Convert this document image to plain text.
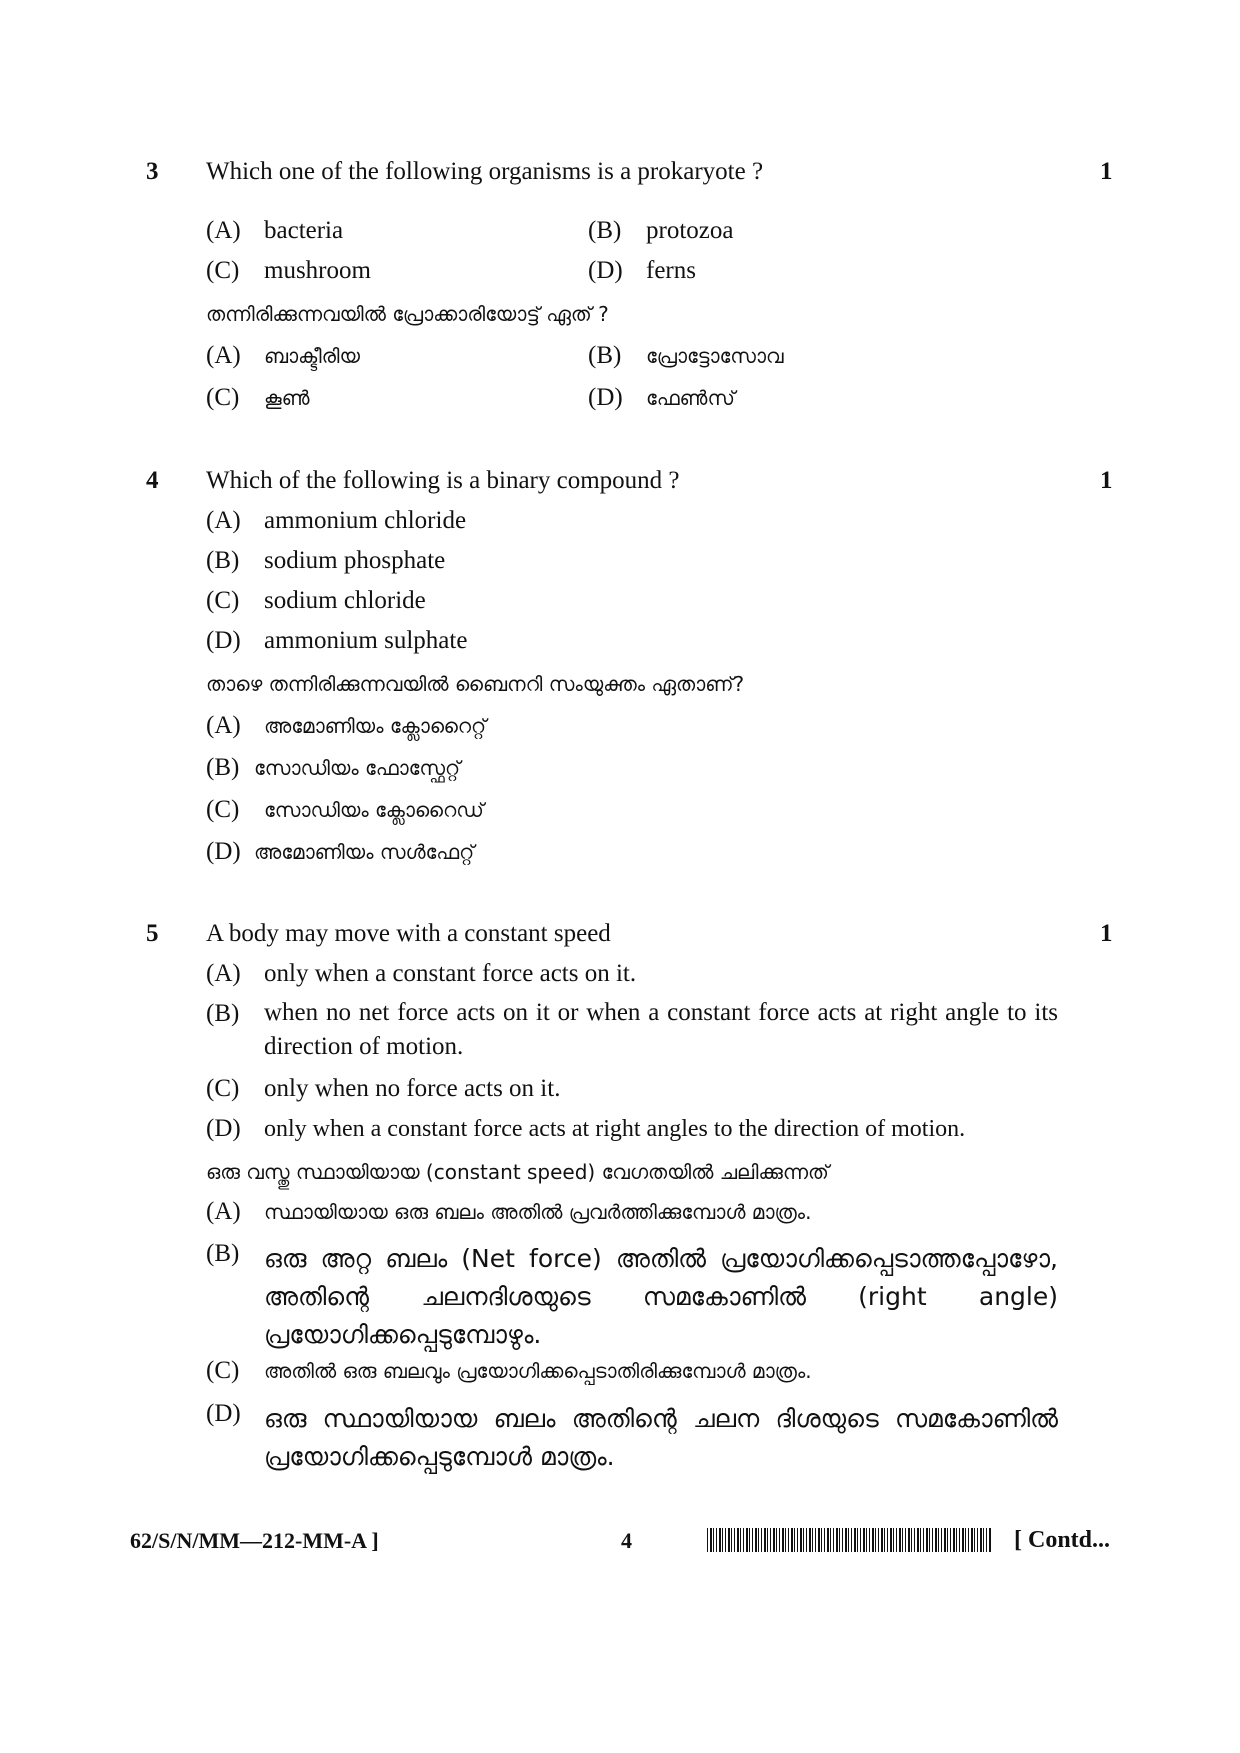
3 Which one of the following organisms is a prokaryote ?	1
(A) bacteria	(B) protozoa
(C) mushroom	(D) ferns
തന്നിരിക്കുന്നവയിൽ പ്രോക്കാരിയോട്ട് ഏത് ?
(A) ബാക്ടീരിയ	(B) പ്രോട്ടോസോവ
(C) കൂൺ	(D) ഫേൺസ്
4 Which of the following is a binary compound ?	1
(A) ammonium chloride
(B) sodium phosphate
(C) sodium chloride
(D) ammonium sulphate
താഴെ തന്നിരിക്കുന്നവയിൽ ബൈനറി സംയുക്തം ഏതാണ്?
(A) അമോണിയം ക്ലോറൈറ്റ്
(B) സോഡിയം ഫോസ്ഫേറ്റ്
(C) സോഡിയം ക്ലോറൈഡ്
(D) അമോണിയം സൾഫേറ്റ്
5 A body may move with a constant speed	1
(A) only when a constant force acts on it.
(B) when no net force acts on it or when a constant force acts at right angle to its direction of motion.
(C) only when no force acts on it.
(D) only when a constant force acts at right angles to the direction of motion.
ഒരു വസ്തു സ്ഥായിയായ (constant speed) വേഗതയിൽ ചലിക്കുന്നത്
(A) സ്ഥായിയായ ഒരു ബലം അതിൽ പ്രവർത്തിക്കുമ്പോൾ മാത്രം.
(B) ഒരു അറ്റ ബലം (Net force) അതിൽ പ്രയോഗിക്കപ്പെടാത്തപ്പോഴോ, അതിന്റെ ചലനദിശയുടെ സമകോണിൽ (right angle) പ്രയോഗിക്കപ്പെടുമ്പോഴും.
(C) അതിൽ ഒരു ബലവും പ്രയോഗിക്കപ്പെടാതിരിക്കുമ്പോൾ മാത്രം.
(D) ഒരു സ്ഥായിയായ ബലം അതിന്റെ ചലന ദിശയുടെ സമകോണിൽ പ്രയോഗിക്കപ്പെടുമ്പോൾ മാത്രം.
62/S/N/MM—212-MM-A ]	4	[ Contd...
